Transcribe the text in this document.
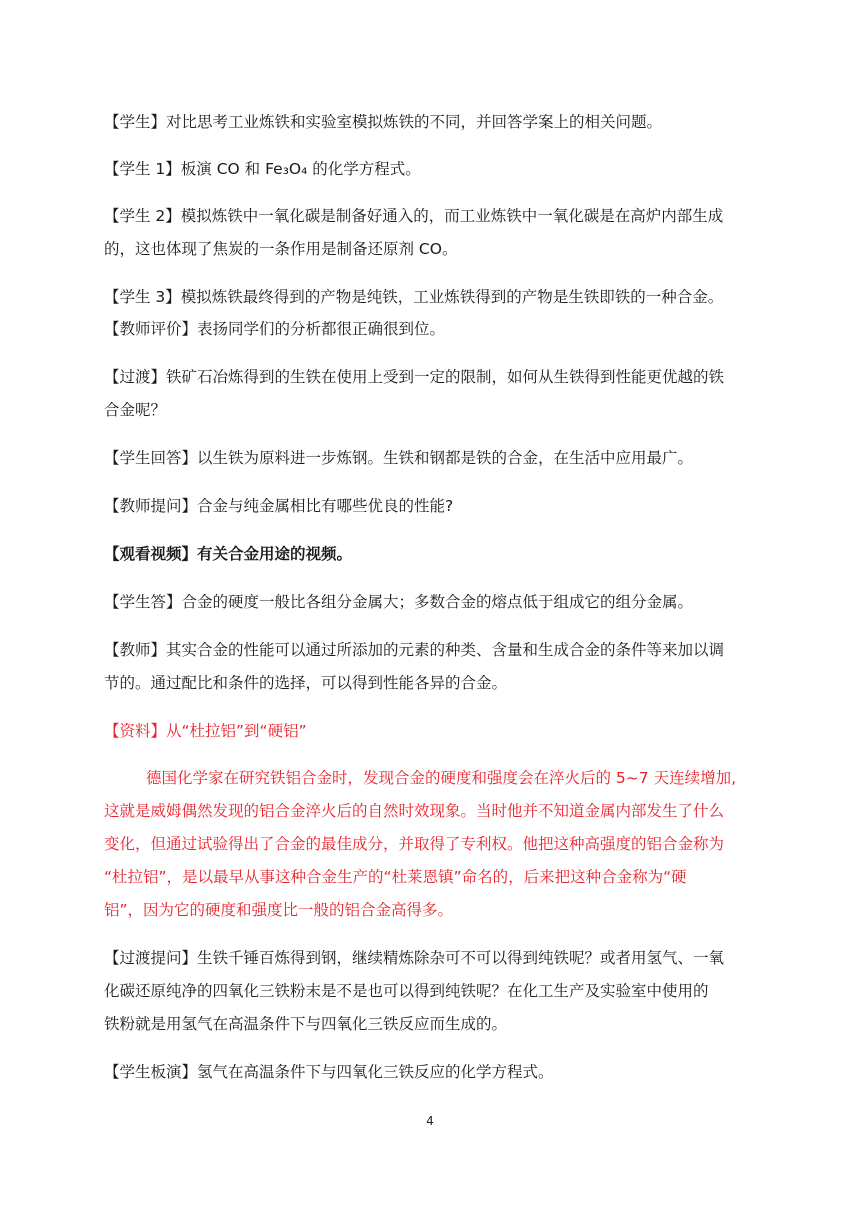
【学生】对比思考工业炼铁和实验室模拟炼铁的不同，并回答学案上的相关问题。
【学生 1】板演 CO 和 Fe₃O₄ 的化学方程式。
【学生 2】模拟炼铁中一氧化碳是制备好通入的，而工业炼铁中一氧化碳是在高炉内部生成
的，这也体现了焦炭的一条作用是制备还原剂 CO。
【学生 3】模拟炼铁最终得到的产物是纯铁，工业炼铁得到的产物是生铁即铁的一种合金。
【教师评价】表扬同学们的分析都很正确很到位。
【过渡】铁矿石冶炼得到的生铁在使用上受到一定的限制，如何从生铁得到性能更优越的铁
合金呢？
【学生回答】以生铁为原料进一步炼钢。生铁和钢都是铁的合金，在生活中应用最广。
【教师提问】合金与纯金属相比有哪些优良的性能?
【观看视频】有关合金用途的视频。
【学生答】合金的硬度一般比各组分金属大；多数合金的熔点低于组成它的组分金属。
【教师】其实合金的性能可以通过所添加的元素的种类、含量和生成合金的条件等来加以调
节的。通过配比和条件的选择，可以得到性能各异的合金。
【资料】从“杜拉铝”到“硬铝”
德国化学家在研究铁铝合金时，发现合金的硬度和强度会在淬火后的 5~7 天连续增加,
这就是威姆偶然发现的铝合金淬火后的自然时效现象。当时他并不知道金属内部发生了什么
变化，但通过试验得出了合金的最佳成分，并取得了专利权。他把这种高强度的铝合金称为
“杜拉铝”，是以最早从事这种合金生产的“杜莱恩镇”命名的，后来把这种合金称为“硬
铝”，因为它的硬度和强度比一般的铝合金高得多。
【过渡提问】生铁千锤百炼得到钢，继续精炼除杂可不可以得到纯铁呢？或者用氢气、一氧
化碳还原纯净的四氧化三铁粉末是不是也可以得到纯铁呢？在化工生产及实验室中使用的
铁粉就是用氢气在高温条件下与四氧化三铁反应而生成的。
【学生板演】氢气在高温条件下与四氧化三铁反应的化学方程式。
4
